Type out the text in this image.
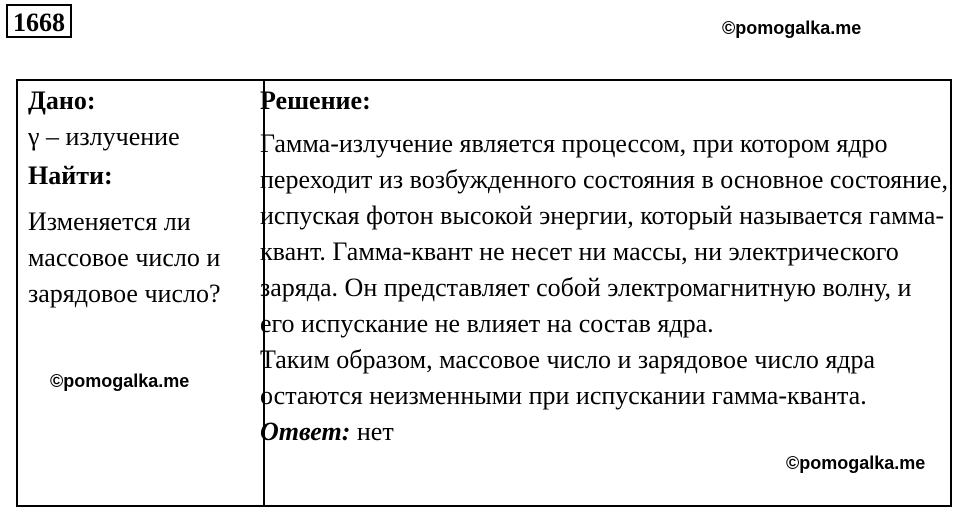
1668	©pomogalka.me
Дано:
γ – излучение
Найти:
Изменяется ли массовое число и зарядовое число?
Решение:

Гамма-излучение является процессом, при котором ядро переходит из возбужденного состояния в основное состояние, испуская фотон высокой энергии, который называется гамма-квант. Гамма-квант не несет ни массы, ни электрического заряда. Он представляет собой электромагнитную волну, и его испускание не влияет на состав ядра.

Таким образом, массовое число и зарядовое число ядра остаются неизменными при испускании гамма-кванта.

Ответ: нет
©pomogalka.me
©pomogalka.me
